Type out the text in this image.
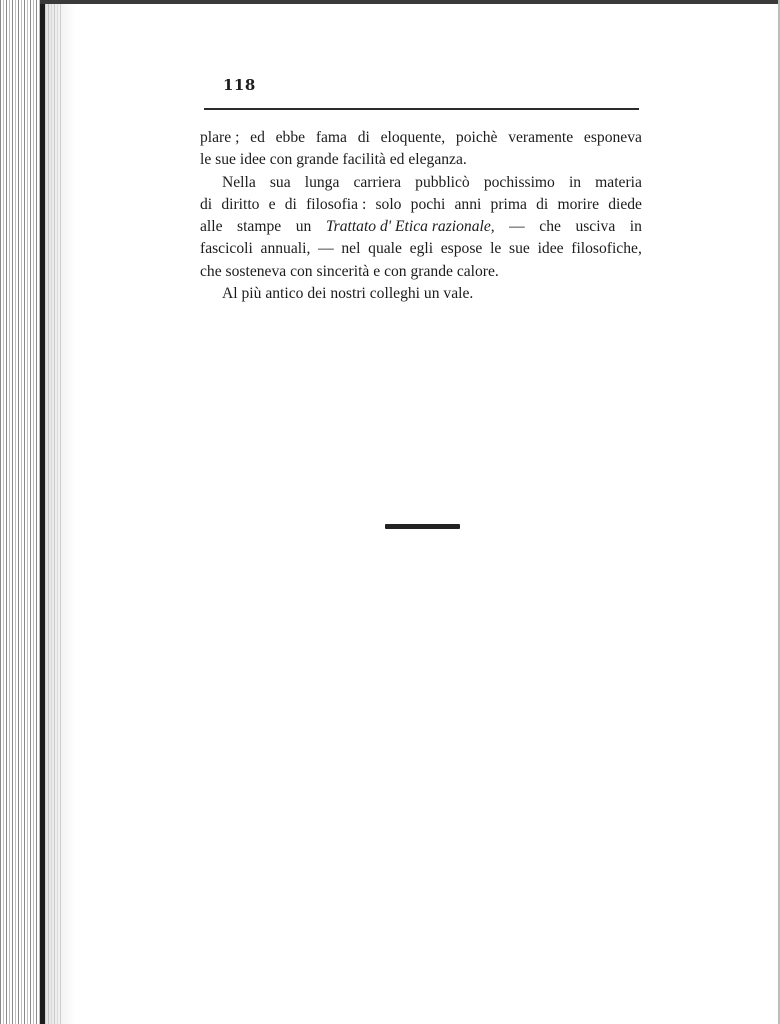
118
plare ; ed ebbe fama di eloquente, poichè veramente esponeva
le
sue
idee
con
grande
facilità
ed
eleganza.
Nella sua lunga carriera pubblicò pochissimo in materia
di diritto e di filosofia : solo pochi anni prima di morire diede
alle stampe un Trattato d' Etica razionale, — che usciva in
fascicoli annuali, — nel quale egli espose le sue idee filosofiche,
che
sosteneva
con
sincerità
e
con
grande
calore.
Al
più
antico
dei
nostri
colleghi
un
vale.
